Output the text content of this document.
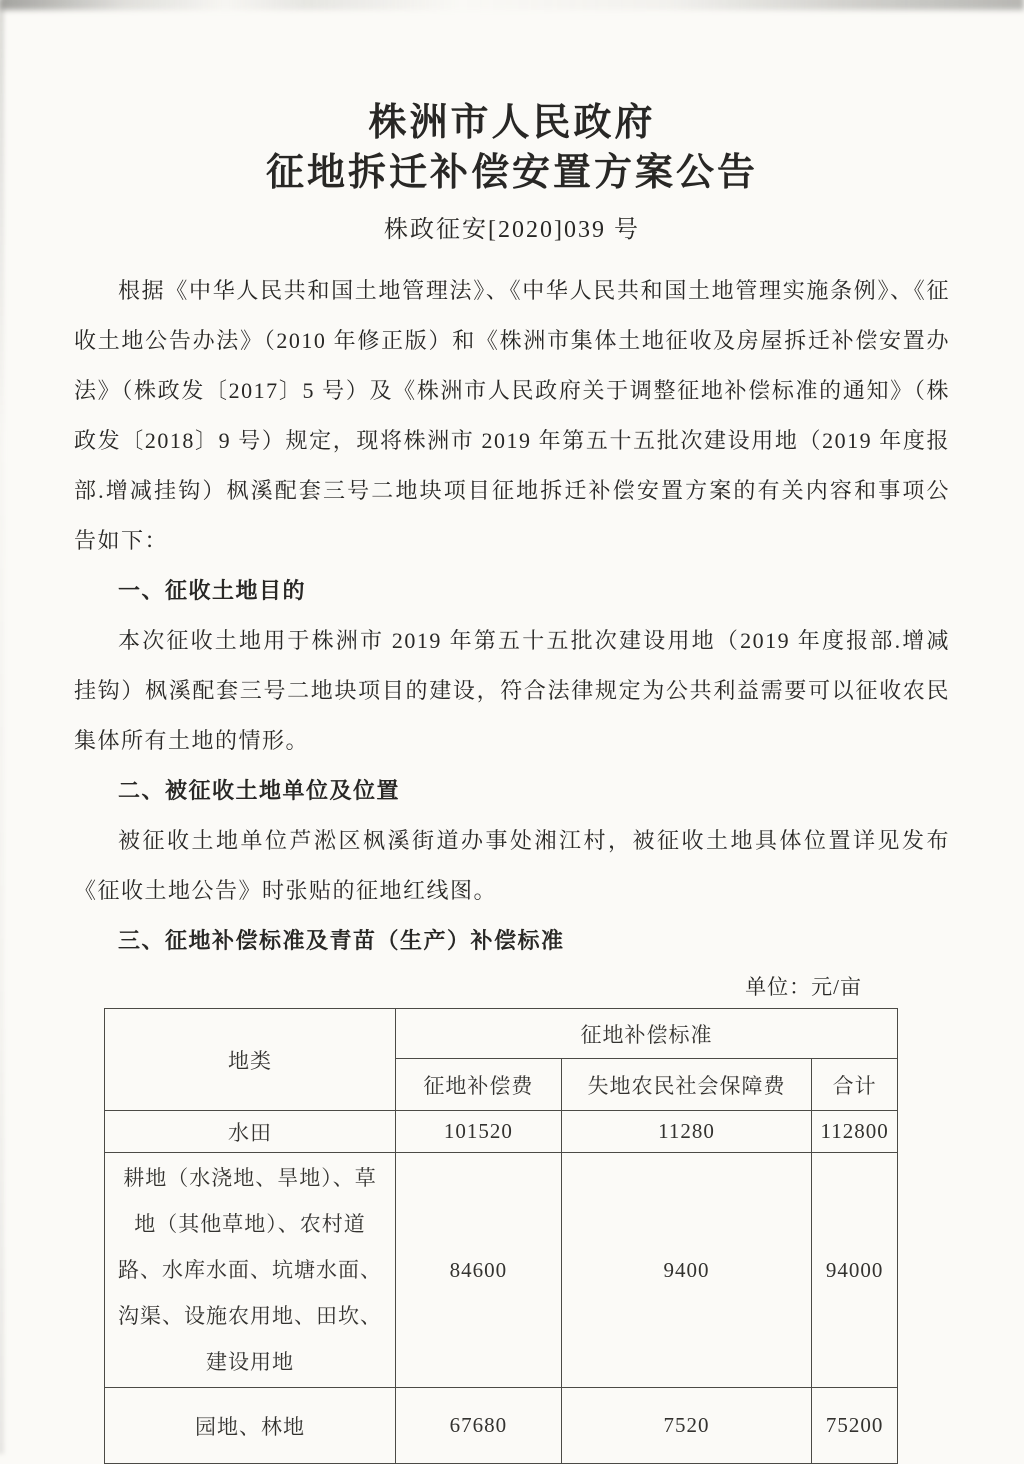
株洲市人民政府
征地拆迁补偿安置方案公告
株政征安[2020]039 号

根据《中华人民共和国土地管理法》、《中华人民共和国土地管理实施条例》、《征收土地公告办法》（2010 年修正版）和《株洲市集体土地征收及房屋拆迁补偿安置办法》（株政发〔2017〕5 号）及《株洲市人民政府关于调整征地补偿标准的通知》（株政发〔2018〕9 号）规定，现将株洲市 2019 年第五十五批次建设用地（2019 年度报部.增减挂钩）枫溪配套三号二地块项目征地拆迁补偿安置方案的有关内容和事项公告如下：

一、征收土地目的

本次征收土地用于株洲市 2019 年第五十五批次建设用地（2019 年度报部.增减挂钩）枫溪配套三号二地块项目的建设，符合法律规定为公共利益需要可以征收农民集体所有土地的情形。

二、被征收土地单位及位置

被征收土地单位芦淞区枫溪街道办事处湘江村，被征收土地具体位置详见发布《征收土地公告》时张贴的征地红线图。

三、征地补偿标准及青苗（生产）补偿标准
单位：元/亩
地类	征地补偿标准		
	征地补偿费	失地农民社会保障费	合计
水田	101520	11280	112800
耕地（水浇地、旱地）、草地（其他草地）、农村道路、水库水面、坑塘水面、沟渠、设施农用地、田坎、建设用地	84600	9400	94000
园地、林地	67680	7520	75200
